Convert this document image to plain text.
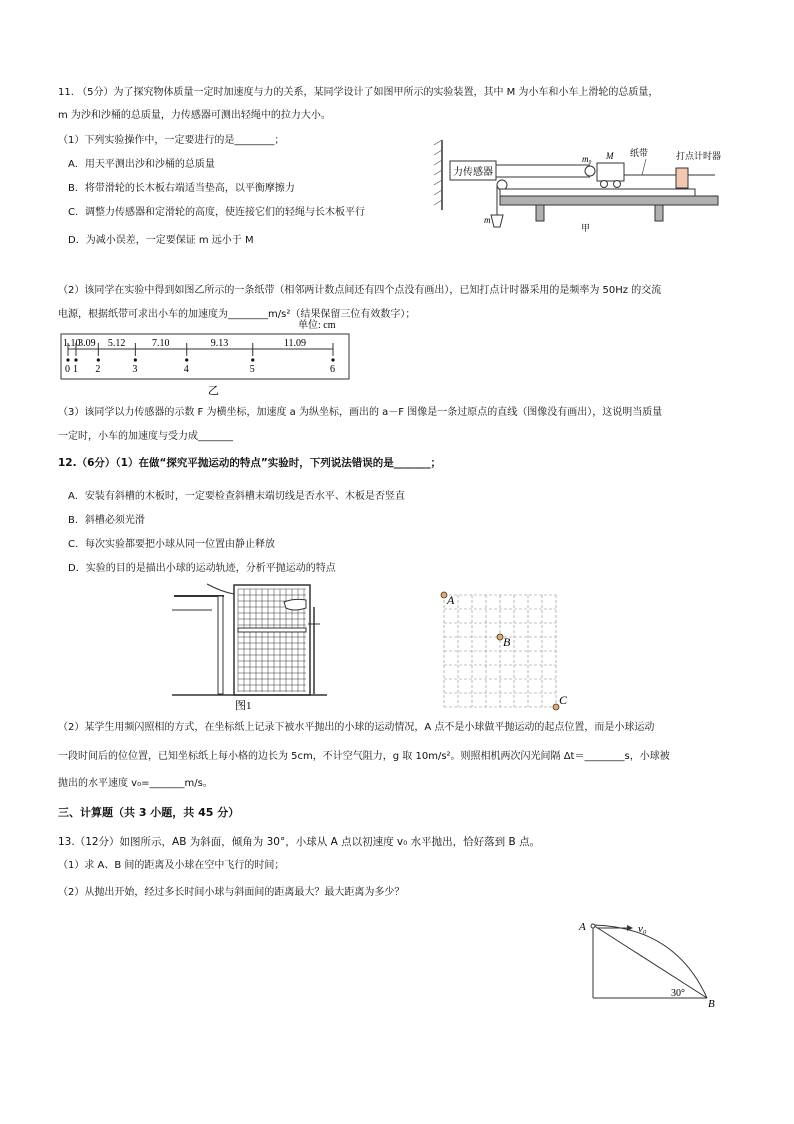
11. （5分）为了探究物体质量一定时加速度与力的关系，某同学设计了如图甲所示的实验装置，其中 M 为小车和小车上滑轮的总质量，
m 为沙和沙桶的总质量，力传感器可测出轻绳中的拉力大小。
（1）下列实验操作中，一定要进行的是________；
A．用天平测出沙和沙桶的总质量
B．将带滑轮的长木板右端适当垫高，以平衡摩擦力
C．调整力传感器和定滑轮的高度，使连接它们的轻绳与长木板平行
D．为减小误差，一定要保证 m 远小于 M
力传感器
m
m₀ M 纸带	打点计时器
甲
（2）该同学在实验中得到如图乙所示的一条纸带（相邻两计数点间还有四个点没有画出），已知打点计时器采用的是频率为 50Hz 的交流
电源，根据纸带可求出小车的加速度为________m/s²（结果保留三位有效数字）；
单位: cm
0 1 2	3	4	5	6
1.10
3.09 5.12	7.10	9.13	11.09
乙
（3）该同学以力传感器的示数 F 为横坐标，加速度 a 为纵坐标，画出的 a－F 图像是一条过原点的直线（图像没有画出），这说明当质量
一定时，小车的加速度与受力成_______
12.（6分）（1）在做“探究平抛运动的特点”实验时，下列说法错误的是_______；
A．安装有斜槽的木板时，一定要检查斜槽末端切线是否水平、木板是否竖直
B．斜槽必须光滑
C．每次实验都要把小球从同一位置由静止释放
D．实验的目的是描出小球的运动轨迹，分析平抛运动的特点
图1
A
B
C
（2）某学生用频闪照相的方式，在坐标纸上记录下被水平抛出的小球的运动情况，A 点不是小球做平抛运动的起点位置，而是小球运动
一段时间后的位位置，已知坐标纸上每小格的边长为 5cm，不计空气阻力，g 取 10m/s²。则照相机两次闪光间隔 Δt＝________s，小球被
抛出的水平速度 v₀=_______m/s。
三、计算题（共 3 小题，共 45 分）
13.（12分）如图所示，AB 为斜面，倾角为 30°，小球从 A 点以初速度 v₀ 水平抛出，恰好落到 B 点。
（1）求 A、B 间的距离及小球在空中飞行的时间；
（2）从抛出开始，经过多长时间小球与斜面间的距离最大？最大距离为多少？
A	v₀
30°
B
